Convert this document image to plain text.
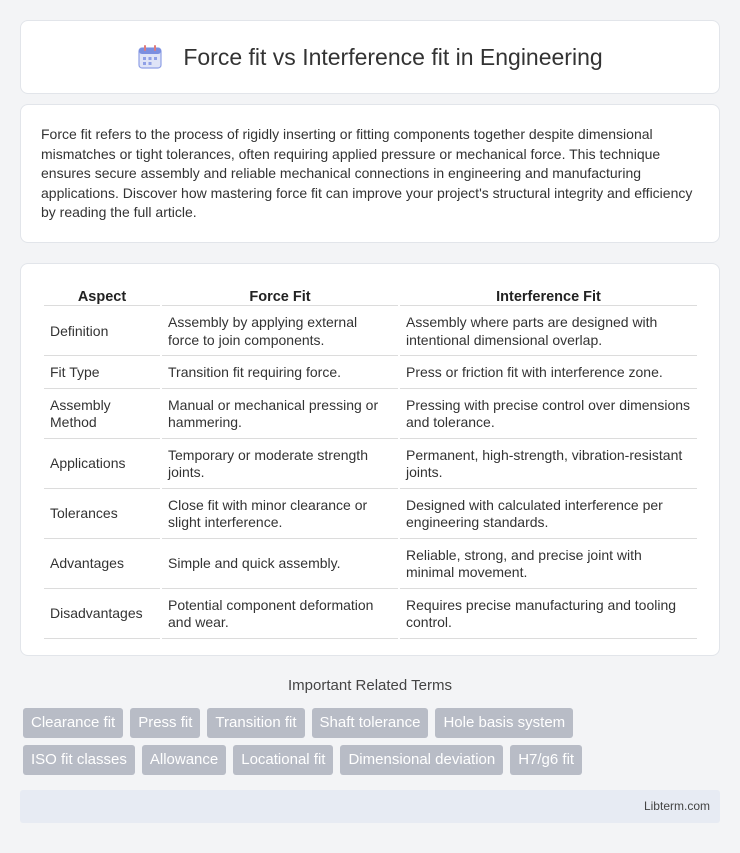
Force fit vs Interference fit in Engineering

Force fit refers to the process of rigidly inserting or fitting components together despite dimensional mismatches or tight tolerances, often requiring applied pressure or mechanical force. This technique ensures secure assembly and reliable mechanical connections in engineering and manufacturing applications. Discover how mastering force fit can improve your project's structural integrity and efficiency by reading the full article.

Aspect	Force Fit	Interference Fit
Definition	Assembly by applying external force to join components.	Assembly where parts are designed with intentional dimensional overlap.
Fit Type	Transition fit requiring force.	Press or friction fit with interference zone.
Assembly Method	Manual or mechanical pressing or hammering.	Pressing with precise control over dimensions and tolerance.
Applications	Temporary or moderate strength joints.	Permanent, high-strength, vibration-resistant joints.
Tolerances	Close fit with minor clearance or slight interference.	Designed with calculated interference per engineering standards.
Advantages	Simple and quick assembly.	Reliable, strong, and precise joint with minimal movement.
Disadvantages	Potential component deformation and wear.	Requires precise manufacturing and tooling control.
Important Related Terms
Clearance fit	Press fit	Transition fit	Shaft tolerance	Hole basis system
ISO fit classes	Allowance	Locational fit	Dimensional deviation	H7/g6 fit
Libterm.com
